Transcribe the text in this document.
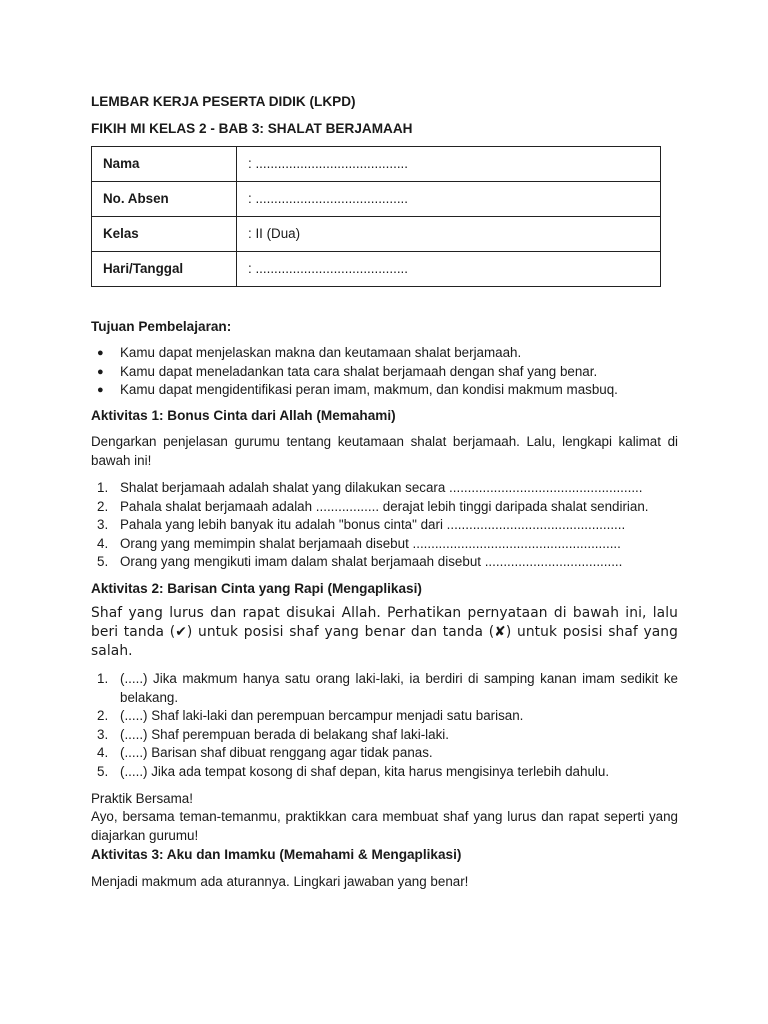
LEMBAR KERJA PESERTA DIDIK (LKPD)
FIKIH MI KELAS 2 - BAB 3: SHALAT BERJAMAAH
Nama	: .........................................
No. Absen	: .........................................
Kelas	: II (Dua)
Hari/Tanggal	: .........................................
Tujuan Pembelajaran:
● Kamu dapat menjelaskan makna dan keutamaan shalat berjamaah.
● Kamu dapat meneladankan tata cara shalat berjamaah dengan shaf yang benar.
● Kamu dapat mengidentifikasi peran imam, makmum, dan kondisi makmum masbuq.
Aktivitas 1: Bonus Cinta dari Allah (Memahami)
Dengarkan penjelasan gurumu tentang keutamaan shalat berjamaah. Lalu, lengkapi kalimat di bawah ini!
1. Shalat berjamaah adalah shalat yang dilakukan secara ....................................................
2. Pahala shalat berjamaah adalah ................. derajat lebih tinggi daripada shalat sendirian.
3. Pahala yang lebih banyak itu adalah "bonus cinta" dari ................................................
4. Orang yang memimpin shalat berjamaah disebut ........................................................
5. Orang yang mengikuti imam dalam shalat berjamaah disebut .....................................
Aktivitas 2: Barisan Cinta yang Rapi (Mengaplikasi)
Shaf yang lurus dan rapat disukai Allah. Perhatikan pernyataan di bawah ini, lalu beri tanda (✔) untuk posisi shaf yang benar dan tanda (✘) untuk posisi shaf yang salah.
1. (.....) Jika makmum hanya satu orang laki-laki, ia berdiri di samping kanan imam sedikit ke belakang.
2. (.....) Shaf laki-laki dan perempuan bercampur menjadi satu barisan.
3. (.....) Shaf perempuan berada di belakang shaf laki-laki.
4. (.....) Barisan shaf dibuat renggang agar tidak panas.
5. (.....) Jika ada tempat kosong di shaf depan, kita harus mengisinya terlebih dahulu.
Praktik Bersama!
Ayo, bersama teman-temanmu, praktikkan cara membuat shaf yang lurus dan rapat seperti yang diajarkan gurumu!
Aktivitas 3: Aku dan Imamku (Memahami & Mengaplikasi)
Menjadi makmum ada aturannya. Lingkari jawaban yang benar!
